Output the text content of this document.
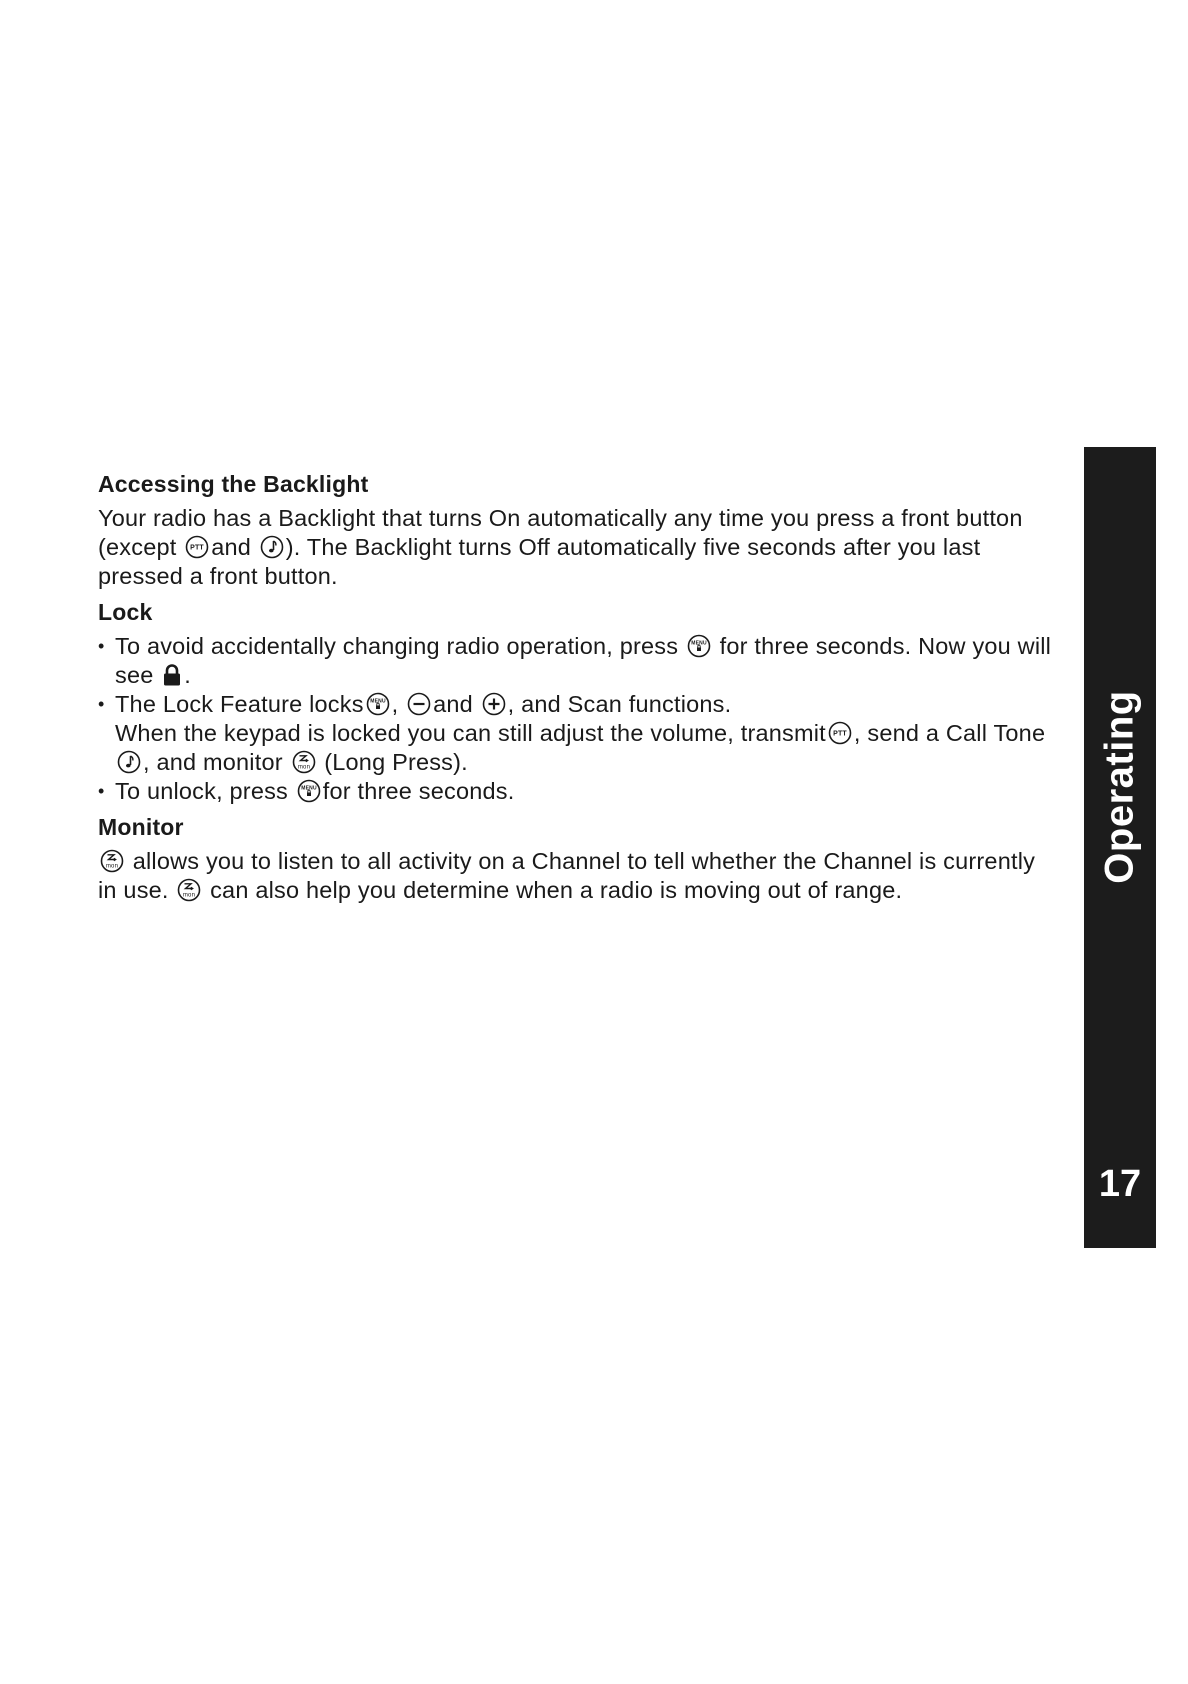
Accessing the Backlight

Your radio has a Backlight that turns On automatically any time you press a front button (except and ). The Backlight turns Off automatically five seconds after you last pressed a front button.

Lock
• To avoid accidentally changing radio operation, press for three seconds. Now you will see .
• The Lock Feature locks , and , and Scan functions.
When the keypad is locked you can still adjust the volume, transmit , send a Call Tone
, and monitor (Long Press).
• To unlock, press for three seconds.
Monitor

allows you to listen to all activity on a Channel to tell whether the Channel is currently in use. can also help you determine when a radio is moving out of range.

Operating
17
